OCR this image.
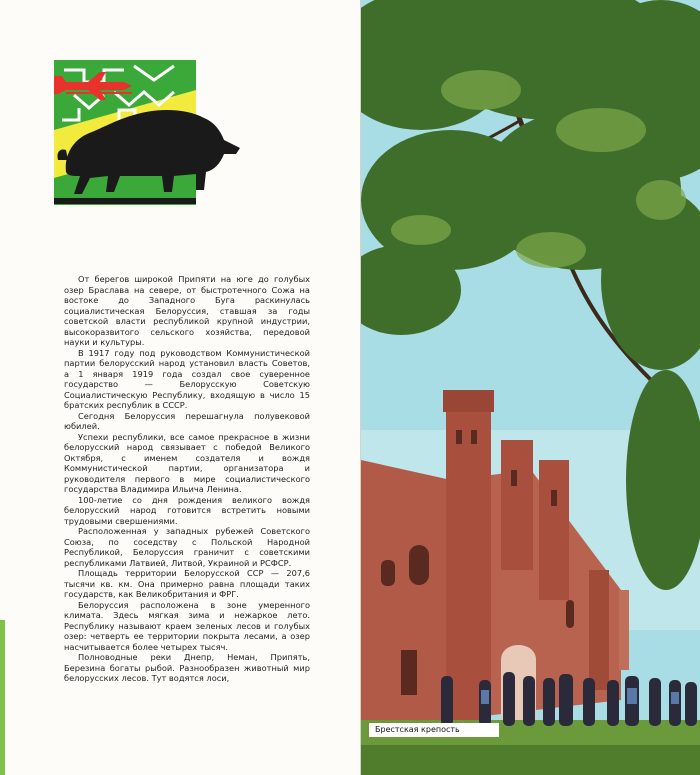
От берегов широкой Припяти на юге до голубых озер Браслава на севере, от быстротечного Сожа на востоке до Западного Буга раскинулась социалистическая Белоруссия, ставшая за годы советской власти республикой крупной индустрии, высокоразвитого сельского хозяйства, передовой науки и культуры.

В 1917 году под руководством Коммунистической партии белорусский народ установил власть Советов, а 1 января 1919 года создал свое суверенное государство — Белорусскую Советскую Социалистическую Республику, входящую в число 15 братских республик в СССР.

Сегодня Белоруссия перешагнула полувековой юбилей.

Успехи республики, все самое прекрасное в жизни белорусский народ связывает с победой Великого Октября, с именем создателя и вождя Коммунистической партии, организатора и руководителя первого в мире социалистического государства Владимира Ильича Ленина.

100-летие со дня рождения великого вождя белорусский народ готовится встретить новыми трудовыми свершениями.

Расположенная у западных рубежей Советского Союза, по соседству с Польской Народной Республикой, Белоруссия граничит с советскими республиками Латвией, Литвой, Украиной и РСФСР.

Площадь территории Белорусской ССР — 207,6 тысячи кв. км. Она примерно равна площади таких государств, как Великобритания и ФРГ.

Белоруссия расположена в зоне умеренного климата. Здесь мягкая зима и нежаркое лето. Республику называют краем зеленых лесов и голубых озер: четверть ее территории покрыта лесами, а озер насчитывается более четырех тысяч.

Полноводные реки Днепр, Неман, Припять, Березина богаты рыбой. Разнообразен животный мир белорусских лесов. Тут водятся лоси,

Брестская крепость
